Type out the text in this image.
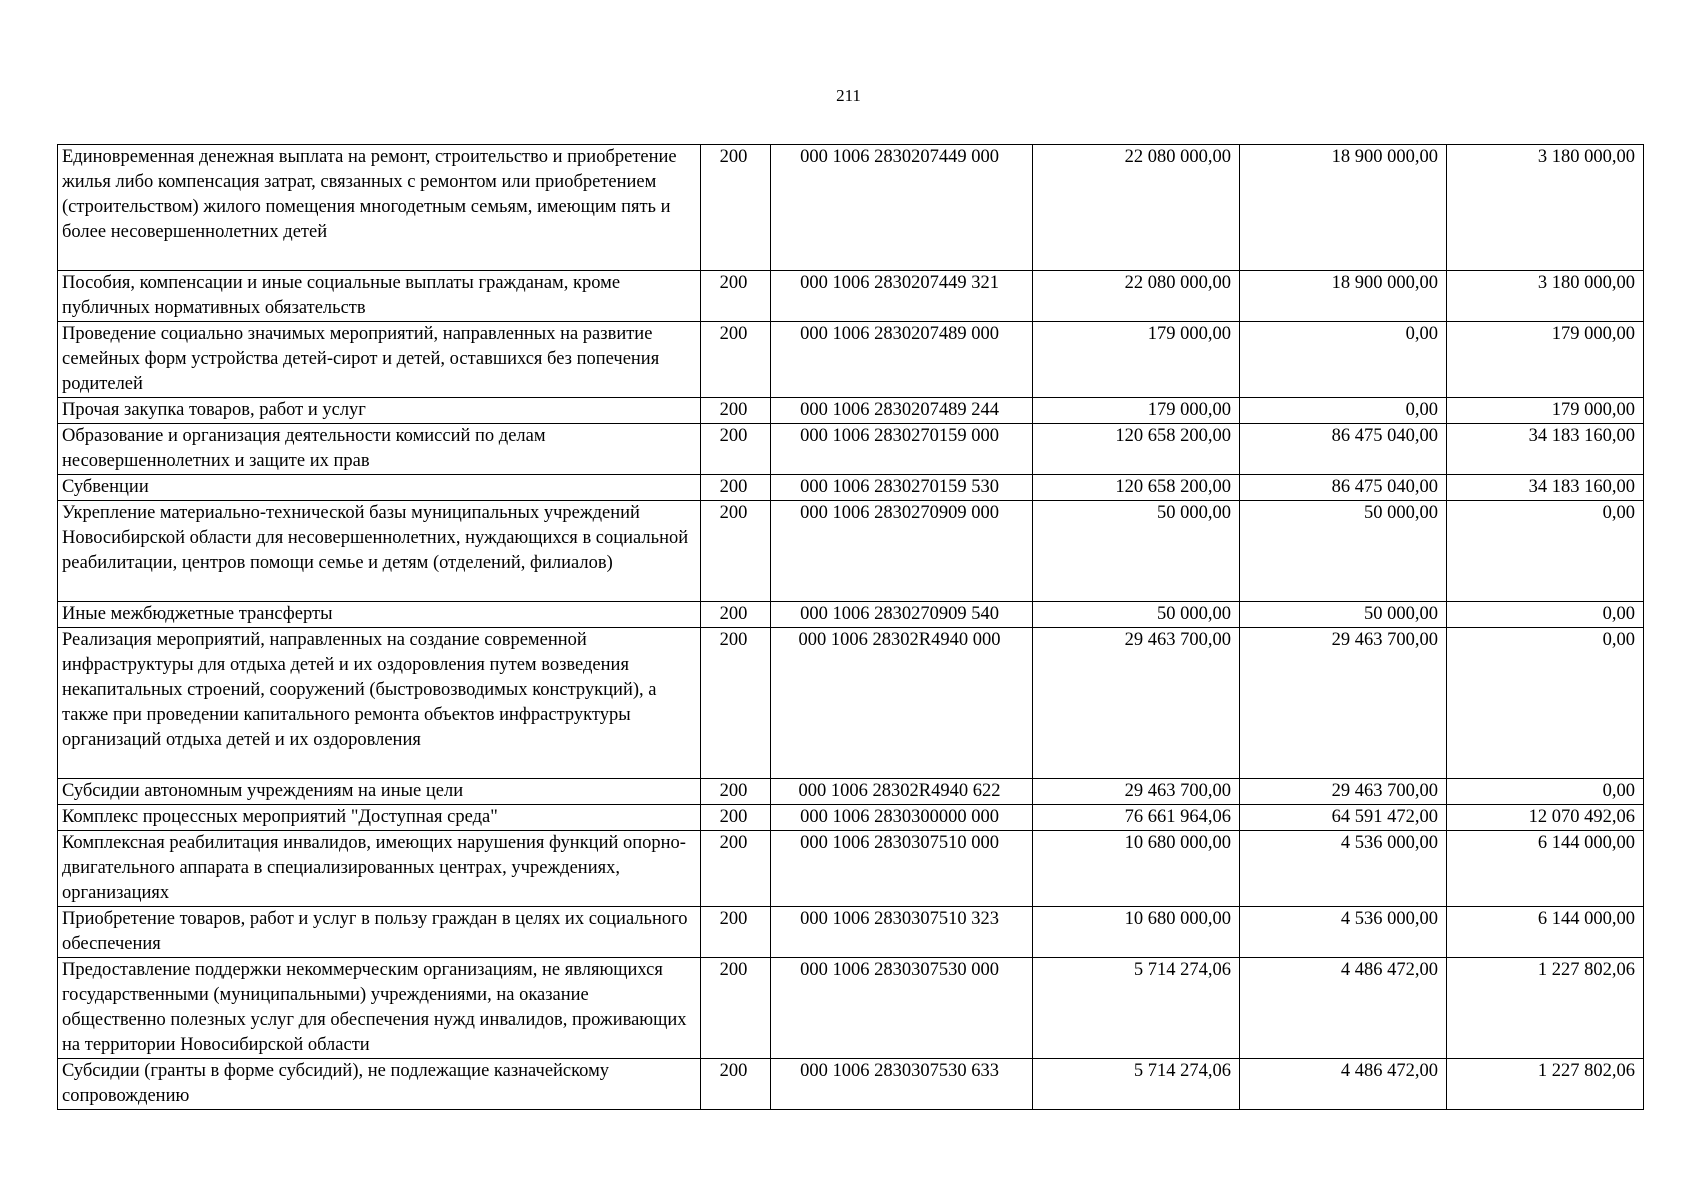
211
Единовременная денежная выплата на ремонт, строительство и приобретение жилья либо компенсация затрат, связанных с ремонтом или приобретением (строительством) жилого помещения многодетным семьям, имеющим пять и более несовершеннолетних детей	200	000 1006 2830207449 000	22 080 000,00	18 900 000,00	3 180 000,00
Пособия, компенсации и иные социальные выплаты гражданам, кроме публичных нормативных обязательств	200	000 1006 2830207449 321	22 080 000,00	18 900 000,00	3 180 000,00
Проведение социально значимых мероприятий, направленных на развитие семейных форм устройства детей-сирот и детей, оставшихся без попечения родителей	200	000 1006 2830207489 000	179 000,00	0,00	179 000,00
Прочая закупка товаров, работ и услуг	200	000 1006 2830207489 244	179 000,00	0,00	179 000,00
Образование и организация деятельности комиссий по делам несовершеннолетних и защите их прав	200	000 1006 2830270159 000	120 658 200,00	86 475 040,00	34 183 160,00
Субвенции	200	000 1006 2830270159 530	120 658 200,00	86 475 040,00	34 183 160,00
Укрепление материально-технической базы муниципальных учреждений Новосибирской области для несовершеннолетних, нуждающихся в социальной реабилитации, центров помощи семье и детям (отделений, филиалов)	200	000 1006 2830270909 000	50 000,00	50 000,00	0,00
Иные межбюджетные трансферты	200	000 1006 2830270909 540	50 000,00	50 000,00	0,00
Реализация мероприятий, направленных на создание современной инфраструктуры для отдыха детей и их оздоровления путем возведения некапитальных строений, сооружений (быстровозводимых конструкций), а также при проведении капитального ремонта объектов инфраструктуры организаций отдыха детей и их оздоровления	200	000 1006 28302R4940 000	29 463 700,00	29 463 700,00	0,00
Субсидии автономным учреждениям на иные цели	200	000 1006 28302R4940 622	29 463 700,00	29 463 700,00	0,00
Комплекс процессных мероприятий "Доступная среда"	200	000 1006 2830300000 000	76 661 964,06	64 591 472,00	12 070 492,06
Комплексная реабилитация инвалидов, имеющих нарушения функций опорно-двигательного аппарата в специализированных центрах, учреждениях, организациях	200	000 1006 2830307510 000	10 680 000,00	4 536 000,00	6 144 000,00
Приобретение товаров, работ и услуг в пользу граждан в целях их социального обеспечения	200	000 1006 2830307510 323	10 680 000,00	4 536 000,00	6 144 000,00
Предоставление поддержки некоммерческим организациям, не являющихся государственными (муниципальными) учреждениями, на оказание общественно полезных услуг для обеспечения нужд инвалидов, проживающих на территории Новосибирской области	200	000 1006 2830307530 000	5 714 274,06	4 486 472,00	1 227 802,06
Субсидии (гранты в форме субсидий), не подлежащие казначейскому сопровождению	200	000 1006 2830307530 633	5 714 274,06	4 486 472,00	1 227 802,06
